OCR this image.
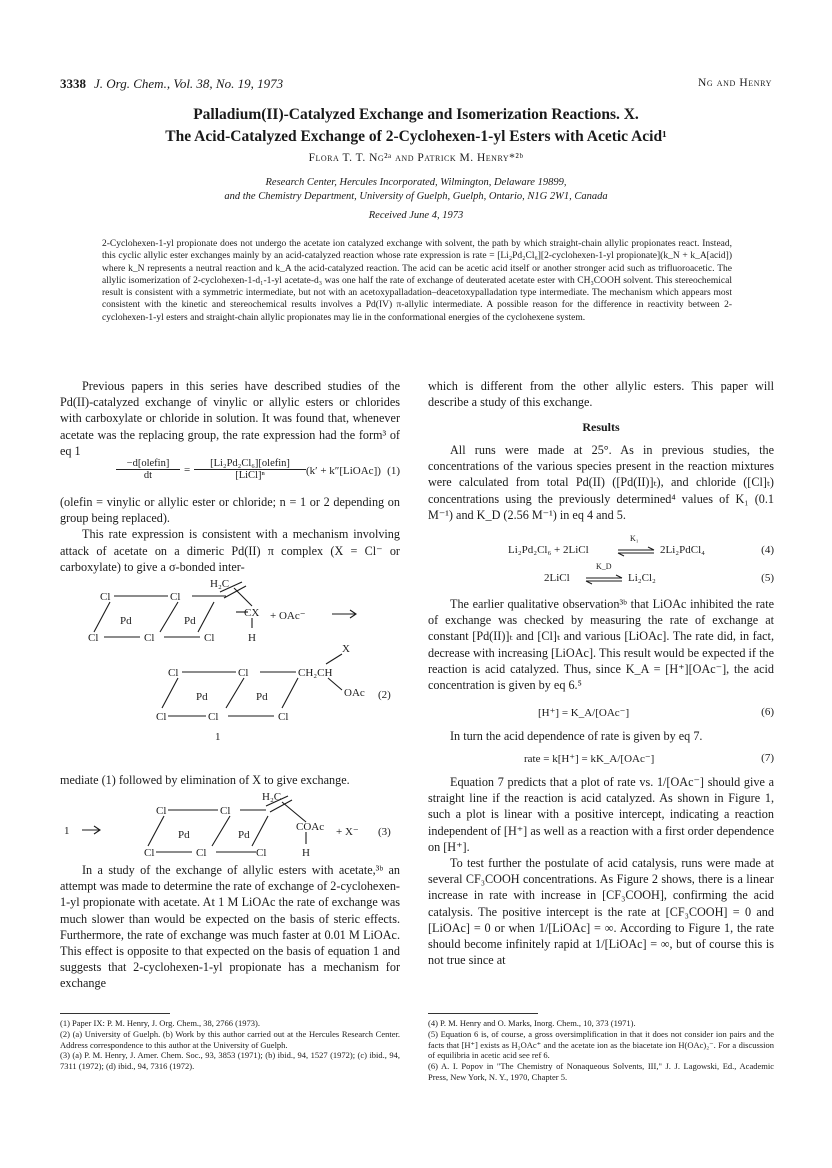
3338 J. Org. Chem., Vol. 38, No. 19, 1973	Ng and Henry
Palladium(II)-Catalyzed Exchange and Isomerization Reactions. X.
The Acid-Catalyzed Exchange of 2-Cyclohexen-1-yl Esters with Acetic Acid¹
Flora T. T. Ng²ᵃ and Patrick M. Henry*²ᵇ
Research Center, Hercules Incorporated, Wilmington, Delaware 19899,
and the Chemistry Department, University of Guelph, Guelph, Ontario, N1G 2W1, Canada
Received June 4, 1973
2-Cyclohexen-1-yl propionate does not undergo the acetate ion catalyzed exchange with solvent, the path by which straight-chain allylic propionates react. Instead, this cyclic allylic ester exchanges mainly by an acid-catalyzed reaction whose rate expression is rate = [Li₂Pd₂Cl₆][2-cyclohexen-1-yl propionate](k_N + k_A[acid]) where k_N represents a neutral reaction and k_A the acid-catalyzed reaction. The acid can be acetic acid itself or another stronger acid such as trifluoroacetic. The allylic isomerization of 2-cyclohexen-1-d₁-1-yl acetate-d₃ was one half the rate of exchange of deuterated acetate ester with CH₃COOH solvent. This stereochemical result is consistent with a symmetric intermediate, but not with an acetoxypalladation–deacetoxypalladation type intermediate. The mechanism which appears most consistent with the kinetic and stereochemical results involves a Pd(IV) π-allylic intermediate. A possible reason for the difference in reactivity between 2-cyclohexen-1-yl esters and straight-chain allylic propionates may lie in the conformational energies of the cyclohexene system.

Previous papers in this series have described studies of the Pd(II)-catalyzed exchange of vinylic or allylic esters or chlorides with carboxylate or chloride in solution. It was found that, whenever acetate was the replacing group, the rate expression had the form³ of eq 1

−d[olefin]
dt	=
[Li₂Pd₂Cl₆][olefin]
[LiCl]ⁿ	(k′ + k″[LiOAc]) (1)

(olefin = vinylic or allylic ester or chloride; n = 1 or 2 depending on group being replaced).

This rate expression is consistent with a mechanism involving attack of acetate on a dimeric Pd(II) π complex (X = Cl⁻ or carboxylate) to give a σ-bonded inter-

H₂C
Cl	Cl
Pd	Pd
CX + OAc⁻
Cl	Cl	Cl	H
X
Cl	Cl	CH₂CH
Pd	Pd	OAc (2)
Cl	Cl	Cl
1

mediate (1) followed by elimination of X to give exchange.

1
H₂C
Cl	Cl
Pd	Pd
COAc + X⁻ (3)
Cl	Cl	Cl	H

In a study of the exchange of allylic esters with acetate,³ᵇ an attempt was made to determine the rate of exchange of 2-cyclohexen-1-yl propionate with acetate. At 1 M LiOAc the rate of exchange was much slower than would be expected on the basis of steric effects. Furthermore, the rate of exchange was much faster at 0.01 M LiOAc. This effect is opposite to that expected on the basis of equation 1 and suggests that 2-cyclohexen-1-yl propionate has a mechanism for exchange

(1) Paper IX: P. M. Henry, J. Org. Chem., 38, 2766 (1973).
(2) (a) University of Guelph. (b) Work by this author carried out at the Hercules Research Center. Address correspondence to this author at the University of Guelph.
(3) (a) P. M. Henry, J. Amer. Chem. Soc., 93, 3853 (1971); (b) ibid., 94, 1527 (1972); (c) ibid., 94, 7311 (1972); (d) ibid., 94, 7316 (1972).

which is different from the other allylic esters. This paper will describe a study of this exchange.

Results

All runs were made at 25°. As in previous studies, the concentrations of the various species present in the reaction mixtures were calculated from total Pd(II) ([Pd(II)]ₜ), and chloride ([Cl]ₜ) concentrations using the previously determined⁴ values of K₁ (0.1 M⁻¹) and K_D (2.56 M⁻¹) in eq 4 and 5.

Li₂Pd₂Cl₆ + 2LiCl
K₁
2Li₂PdCl₄	(4)
2LiCl
K_D
Li₂Cl₂	(5)

The earlier qualitative observation³ᵇ that LiOAc inhibited the rate of exchange was checked by measuring the rate of exchange at constant [Pd(II)]ₜ and [Cl]ₜ and various [LiOAc]. The rate did, in fact, decrease with increasing [LiOAc]. This result would be expected if the reaction is acid catalyzed. Thus, since K_A = [H⁺][OAc⁻], the acid concentration is given by eq 6.⁵

[H⁺] = K_A/[OAc⁻]	(6)

In turn the acid dependence of rate is given by eq 7.

rate = k[H⁺] = kK_A/[OAc⁻]	(7)

Equation 7 predicts that a plot of rate vs. 1/[OAc⁻] should give a straight line if the reaction is acid catalyzed. As shown in Figure 1, such a plot is linear with a positive intercept, indicating a reaction independent of [H⁺] as well as a reaction with a first order dependence on [H⁺].

To test further the postulate of acid catalysis, runs were made at several CF₃COOH concentrations. As Figure 2 shows, there is a linear increase in rate with increase in [CF₃COOH], confirming the acid catalysis. The positive intercept is the rate at [CF₃COOH] = 0 and [LiOAc] = 0 or when 1/[LiOAc] = ∞. According to Figure 1, the rate should become infinitely rapid at 1/[LiOAc] = ∞, but of course this is not true since at

(4) P. M. Henry and O. Marks, Inorg. Chem., 10, 373 (1971).
(5) Equation 6 is, of course, a gross oversimplification in that it does not consider ion pairs and the facts that [H⁺] exists as H₂OAc⁺ and the acetate ion as the biacetate ion H(OAc)₂⁻. For a discussion of equilibria in acetic acid see ref 6.
(6) A. I. Popov in "The Chemistry of Nonaqueous Solvents, III," J. J. Lagowski, Ed., Academic Press, New York, N. Y., 1970, Chapter 5.
